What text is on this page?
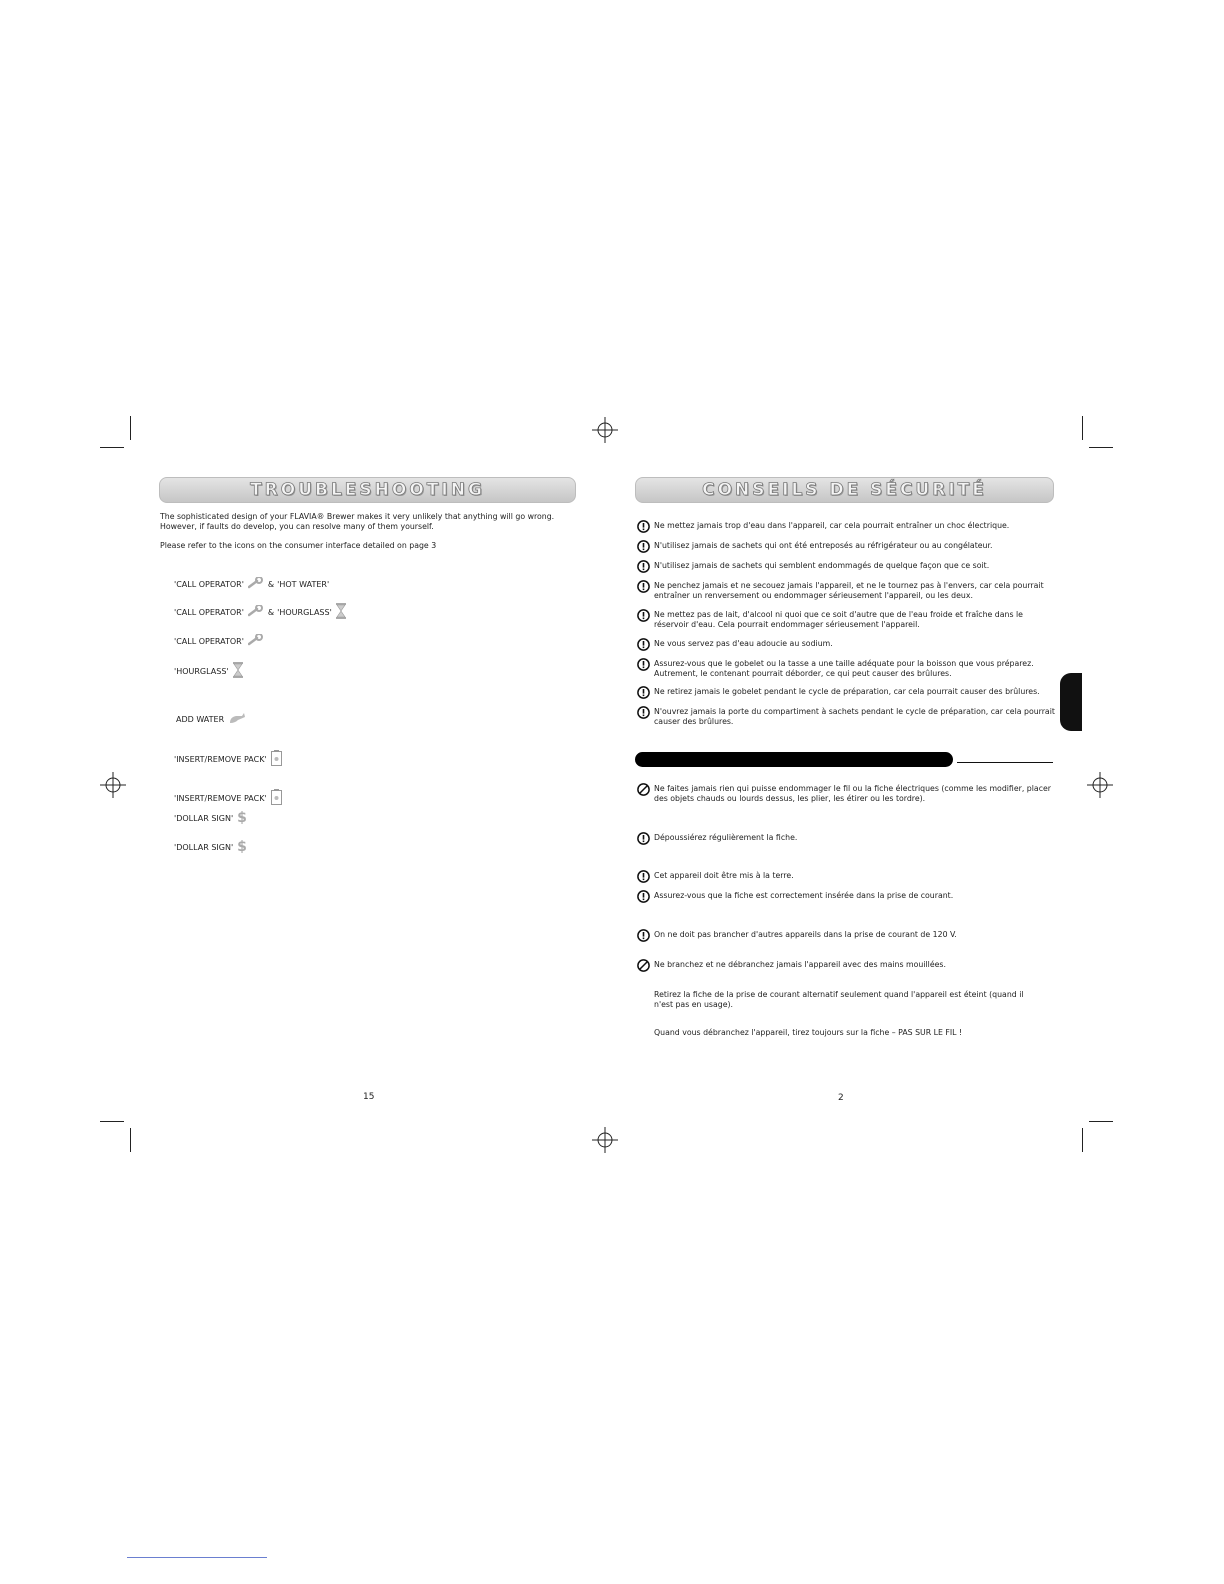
TROUBLESHOOTING
The sophisticated design of your FLAVIA® Brewer makes it very unlikely that anything will go wrong.
However, if faults do develop, you can resolve many of them yourself.
Please refer to the icons on the consumer interface detailed on page 3
'CALL OPERATOR'	& 'HOT WATER'
'CALL OPERATOR'	& 'HOURGLASS'
'CALL OPERATOR'
'HOURGLASS'
ADD WATER
'INSERT/REMOVE PACK'
'INSERT/REMOVE PACK'
'DOLLAR SIGN' $
'DOLLAR SIGN' $
15
CONSEILS DE SÉCURITÉ
Ne mettez jamais trop d'eau dans l'appareil, car cela pourrait entraîner un choc électrique.
N'utilisez jamais de sachets qui ont été entreposés au réfrigérateur ou au congélateur.
N'utilisez jamais de sachets qui semblent endommagés de quelque façon que ce soit.
Ne penchez jamais et ne secouez jamais l'appareil, et ne le tournez pas à l'envers, car cela pourrait entraîner un renversement ou endommager sérieusement l'appareil, ou les deux.
Ne mettez pas de lait, d'alcool ni quoi que ce soit d'autre que de l'eau froide et fraîche dans le réservoir d'eau. Cela pourrait endommager sérieusement l'appareil.
Ne vous servez pas d'eau adoucie au sodium.
Assurez-vous que le gobelet ou la tasse a une taille adéquate pour la boisson que vous préparez. Autrement, le contenant pourrait déborder, ce qui peut causer des brûlures.
Ne retirez jamais le gobelet pendant le cycle de préparation, car cela pourrait causer des brûlures.
N'ouvrez jamais la porte du compartiment à sachets pendant le cycle de préparation, car cela pourrait causer des brûlures.
Ne faites jamais rien qui puisse endommager le fil ou la fiche électriques (comme les modifier, placer des objets chauds ou lourds dessus, les plier, les étirer ou les tordre).
Dépoussiérez régulièrement la fiche.
Cet appareil doit être mis à la terre.
Assurez-vous que la fiche est correctement insérée dans la prise de courant.
On ne doit pas brancher d'autres appareils dans la prise de courant de 120 V.
Ne branchez et ne débranchez jamais l'appareil avec des mains mouillées.
Retirez la fiche de la prise de courant alternatif seulement quand l'appareil est éteint (quand il n'est pas en usage).
Quand vous débranchez l'appareil, tirez toujours sur la fiche – PAS SUR LE FIL !
2
